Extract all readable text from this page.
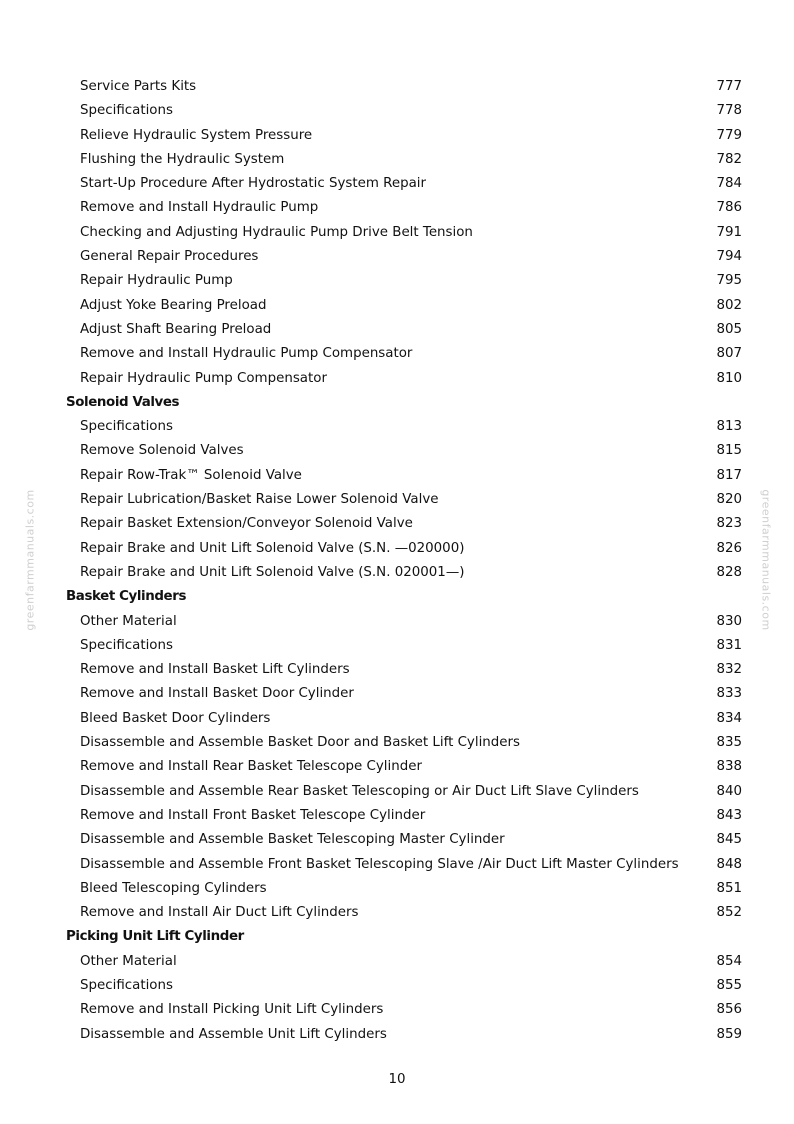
greenfarmmanuals.com	greenfarmmanuals.com
Service Parts Kits	777
Specifications	778
Relieve Hydraulic System Pressure	779
Flushing the Hydraulic System	782
Start-Up Procedure After Hydrostatic System Repair	784
Remove and Install Hydraulic Pump	786
Checking and Adjusting Hydraulic Pump Drive Belt Tension	791
General Repair Procedures	794
Repair Hydraulic Pump	795
Adjust Yoke Bearing Preload	802
Adjust Shaft Bearing Preload	805
Remove and Install Hydraulic Pump Compensator	807
Repair Hydraulic Pump Compensator	810
Solenoid Valves
Specifications	813
Remove Solenoid Valves	815
Repair Row-Trak™ Solenoid Valve	817
Repair Lubrication/Basket Raise Lower Solenoid Valve	820
Repair Basket Extension/Conveyor Solenoid Valve	823
Repair Brake and Unit Lift Solenoid Valve (S.N. —020000)	826
Repair Brake and Unit Lift Solenoid Valve (S.N. 020001—)	828
Basket Cylinders
Other Material	830
Specifications	831
Remove and Install Basket Lift Cylinders	832
Remove and Install Basket Door Cylinder	833
Bleed Basket Door Cylinders	834
Disassemble and Assemble Basket Door and Basket Lift Cylinders	835
Remove and Install Rear Basket Telescope Cylinder	838
Disassemble and Assemble Rear Basket Telescoping or Air Duct Lift Slave Cylinders	840
Remove and Install Front Basket Telescope Cylinder	843
Disassemble and Assemble Basket Telescoping Master Cylinder	845
Disassemble and Assemble Front Basket Telescoping Slave /Air Duct Lift Master Cylinders	848
Bleed Telescoping Cylinders	851
Remove and Install Air Duct Lift Cylinders	852
Picking Unit Lift Cylinder
Other Material	854
Specifications	855
Remove and Install Picking Unit Lift Cylinders	856
Disassemble and Assemble Unit Lift Cylinders	859
10
